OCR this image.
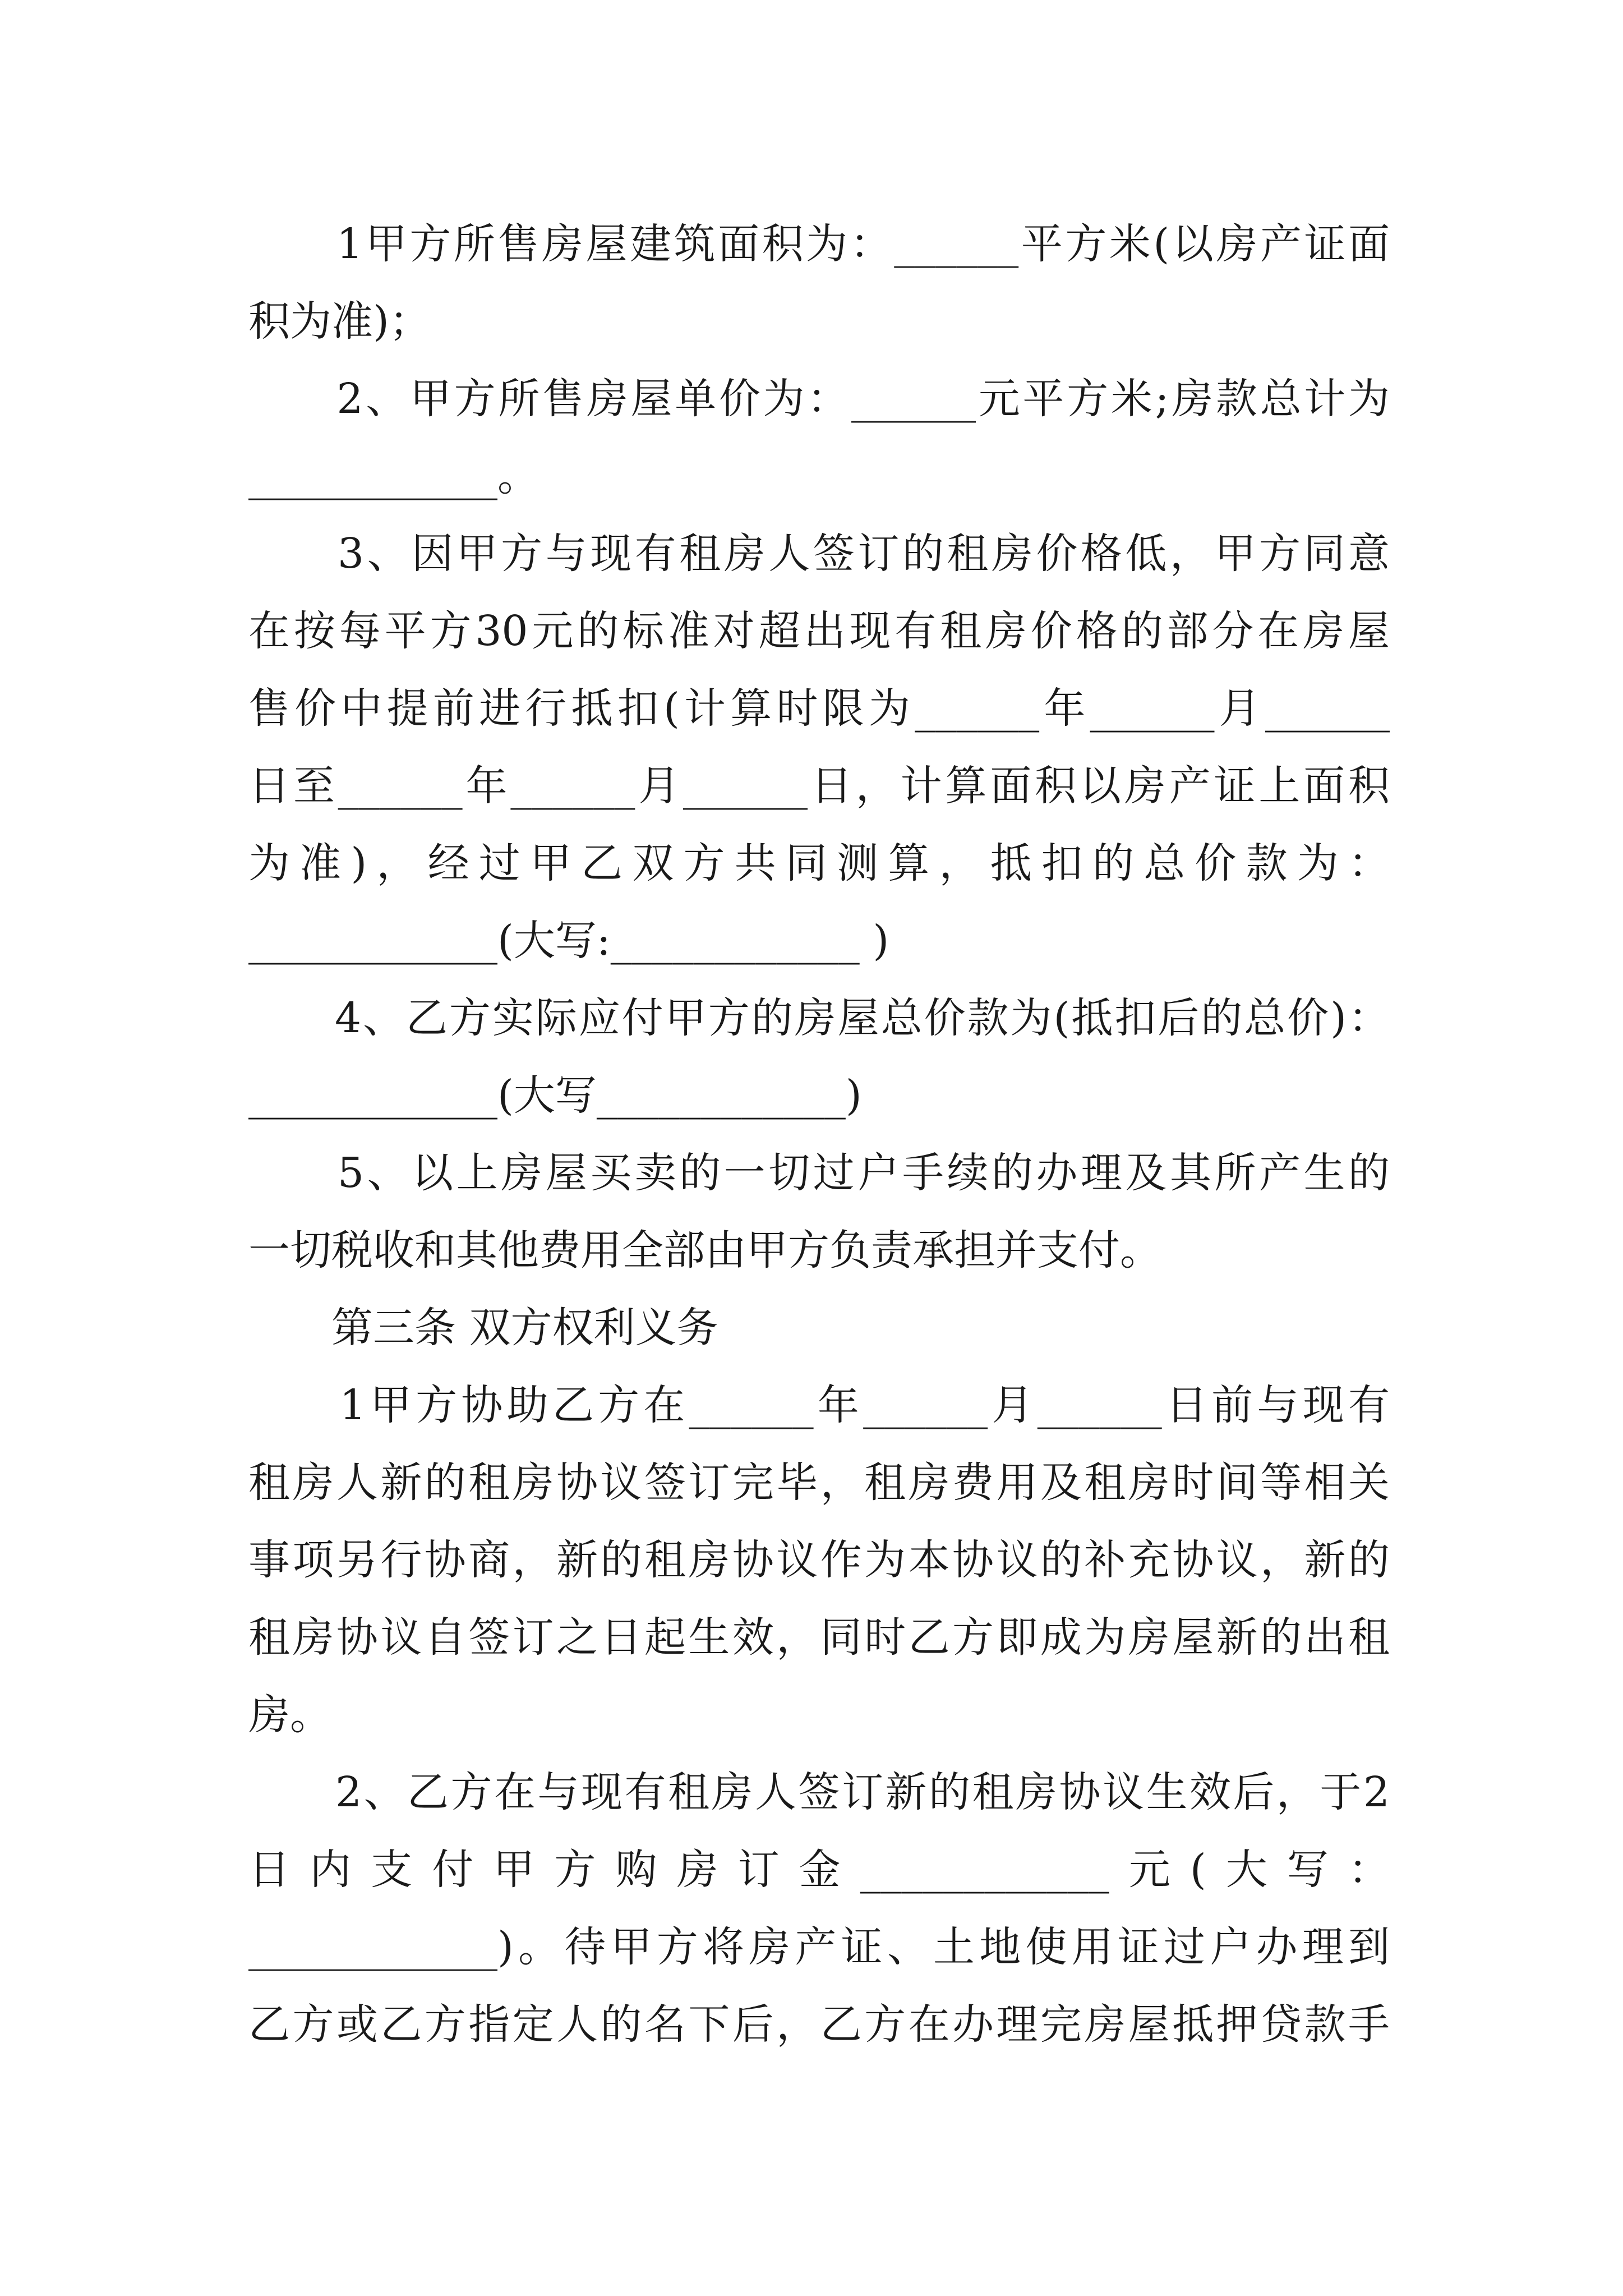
　　1甲方所售房屋建筑面积为：______平方米(以房产证面
积为准)；
　　2、甲方所售房屋单价为：______元平方米;房款总计为
____________。
　　3、因甲方与现有租房人签订的租房价格低，甲方同意
在按每平方30元的标准对超出现有租房价格的部分在房屋
售价中提前进行抵扣(计算时限为______年______月______
日至______年______月______日，计算面积以房产证上面积
为准)，经过甲乙双方共同测算，抵扣的总价款为：
____________(大写:____________ )
　　4、乙方实际应付甲方的房屋总价款为(抵扣后的总价)：
____________(大写____________)
　　5、以上房屋买卖的一切过户手续的办理及其所产生的
一切税收和其他费用全部由甲方负责承担并支付。
　　第三条 双方权利义务
　　1甲方协助乙方在______年______月______日前与现有
租房人新的租房协议签订完毕，租房费用及租房时间等相关
事项另行协商，新的租房协议作为本协议的补充协议，新的
租房协议自签订之日起生效，同时乙方即成为房屋新的出租
房。
　　2、乙方在与现有租房人签订新的租房协议生效后，于2
日内支付甲方购房订金____________元(大写：
____________)。待甲方将房产证、土地使用证过户办理到
乙方或乙方指定人的名下后，乙方在办理完房屋抵押贷款手
